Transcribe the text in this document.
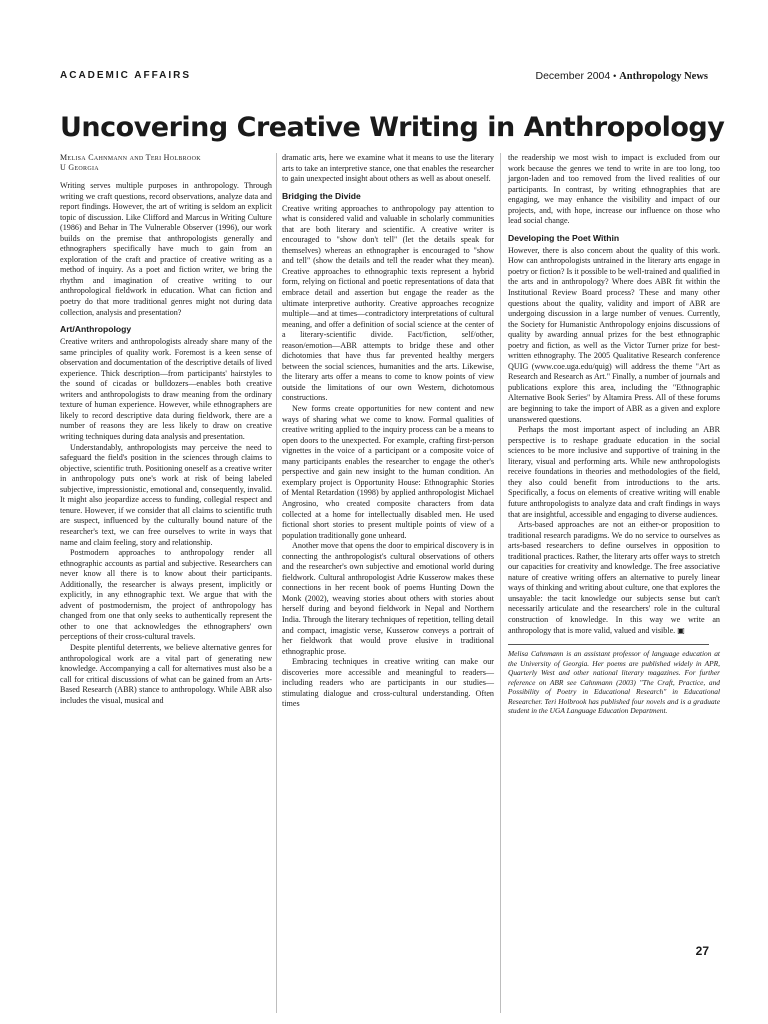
ACADEMIC AFFAIRS	December 2004 • Anthropology News
Uncovering Creative Writing in Anthropology

Melisa Cahnmann and Teri Holbrook
U Georgia

Writing serves multiple purposes in anthropology. Through writing we craft questions, record observations, analyze data and report findings. However, the art of writing is seldom an explicit topic of discussion. Like Clifford and Marcus in Writing Culture (1986) and Behar in The Vulnerable Observer (1996), our work builds on the premise that anthropologists generally and ethnographers specifically have much to gain from an exploration of the craft and practice of creative writing as a method of inquiry. As a poet and fiction writer, we bring the rhythm and imagination of creative writing to our anthropological fieldwork in education. What can fiction and poetry do that more traditional genres might not during data collection, analysis and presentation?

Art/Anthropology

Creative writers and anthropologists already share many of the same principles of quality work. Foremost is a keen sense of observation and documentation of the descriptive details of lived experience. Thick description—from participants' hairstyles to the sound of cicadas or bulldozers—enables both creative writers and anthropologists to draw meaning from the ordinary texture of human experience. However, while ethnographers are likely to record descriptive data during fieldwork, there are a number of reasons they are less likely to draw on creative writing techniques during data analysis and presentation.

Understandably, anthropologists may perceive the need to safeguard the field's position in the sciences through claims to objective, scientific truth. Positioning oneself as a creative writer in anthropology puts one's work at risk of being labeled subjective, impressionistic, emotional and, consequently, invalid. It might also jeopardize access to funding, collegial respect and tenure. However, if we consider that all claims to scientific truth are suspect, influenced by the culturally bound nature of the researcher's text, we can free ourselves to write in ways that name and claim feeling, story and relationship.

Postmodern approaches to anthropology render all ethnographic accounts as partial and subjective. Researchers can never know all there is to know about their participants. Additionally, the researcher is always present, implicitly or explicitly, in any ethnographic text. We argue that with the advent of postmodernism, the project of anthropology has changed from one that only seeks to authentically represent the other to one that acknowledges the ethnographers' own perceptions of their cross-cultural travels.

Despite plentiful deterrents, we believe alternative genres for anthropological work are a vital part of generating new knowledge. Accompanying a call for alternatives must also be a call for critical discussions of what can be gained from an Arts-Based Research (ABR) stance to anthropology. While ABR also includes the visual, musical and

dramatic arts, here we examine what it means to use the literary arts to take an interpretive stance, one that enables the researcher to gain unexpected insight about others as well as about oneself.

Bridging the Divide

Creative writing approaches to anthropology pay attention to what is considered valid and valuable in scholarly communities that are both literary and scientific. A creative writer is encouraged to "show don't tell" (let the details speak for themselves) whereas an ethnographer is encouraged to "show and tell" (show the details and tell the reader what they mean). Creative approaches to ethnographic texts represent a hybrid form, relying on fictional and poetic representations of data that embrace detail and assertion but engage the reader as the ultimate interpretive authority. Creative approaches recognize multiple—and at times—contradictory interpretations of cultural meaning, and offer a definition of social science at the center of a literary-scientific divide. Fact/fiction, self/other, reason/emotion—ABR attempts to bridge these and other dichotomies that have thus far prevented healthy mergers between the social sciences, humanities and the arts. Likewise, the literary arts offer a means to come to know points of view outside the limitations of our own Western, dichotomous constructions.

New forms create opportunities for new content and new ways of sharing what we come to know. Formal qualities of creative writing applied to the inquiry process can be a means to open doors to the unexpected. For example, crafting first-person vignettes in the voice of a participant or a composite voice of many participants enables the researcher to engage the other's perspective and gain new insight to the human condition. An exemplary project is Opportunity House: Ethnographic Stories of Mental Retardation (1998) by applied anthropologist Michael Angrosino, who created composite characters from data collected at a home for intellectually disabled men. He used fictional short stories to present multiple points of view of a population traditionally gone unheard.

Another move that opens the door to empirical discovery is in connecting the anthropologist's cultural observations of others and the researcher's own subjective and emotional world during fieldwork. Cultural anthropologist Adrie Kusserow makes these connections in her recent book of poems Hunting Down the Monk (2002), weaving stories about others with stories about herself during and beyond fieldwork in Nepal and Northern India. Through the literary techniques of repetition, telling detail and compact, imagistic verse, Kusserow conveys a portrait of her fieldwork that would prove elusive in traditional ethnographic prose.

Embracing techniques in creative writing can make our discoveries more accessible and meaningful to readers—including readers who are participants in our studies—stimulating dialogue and cross-cultural understanding. Often times

the readership we most wish to impact is excluded from our work because the genres we tend to write in are too long, too jargon-laden and too removed from the lived realities of our participants. In contrast, by writing ethnographies that are engaging, we may enhance the visibility and impact of our projects, and, with hope, increase our influence on those who lead social change.

Developing the Poet Within

However, there is also concern about the quality of this work. How can anthropologists untrained in the literary arts engage in poetry or fiction? Is it possible to be well-trained and qualified in the arts and in anthropology? Where does ABR fit within the Institutional Review Board process? These and many other questions about the quality, validity and import of ABR are undergoing discussion in a large number of venues. Currently, the Society for Humanistic Anthropology enjoins discussions of quality by awarding annual prizes for the best ethnographic poetry and fiction, as well as the Victor Turner prize for best-written ethnography. The 2005 Qualitative Research conference QUIG (www.coe.uga.edu/quig) will address the theme "Art as Research and Research as Art." Finally, a number of journals and publications explore this area, including the "Ethnographic Alternative Book Series" by Altamira Press. All of these forums are beginning to take the import of ABR as a given and explore unanswered questions.

Perhaps the most important aspect of including an ABR perspective is to reshape graduate education in the social sciences to be more inclusive and supportive of training in the literary, visual and performing arts. While new anthropologists receive foundations in theories and methodologies of the field, they also could benefit from introductions to the arts. Specifically, a focus on elements of creative writing will enable future anthropologists to analyze data and craft findings in ways that are insightful, accessible and engaging to diverse audiences.

Arts-based approaches are not an either-or proposition to traditional research paradigms. We do no service to ourselves as arts-based researchers to define ourselves in opposition to traditional practices. Rather, the literary arts offer ways to stretch our capacities for creativity and knowledge. The free associative nature of creative writing offers an alternative to purely linear ways of thinking and writing about culture, one that explores the unsayable: the tacit knowledge our subjects sense but can't necessarily articulate and the researchers' role in the cultural construction of knowledge. In this way we write an anthropology that is more valid, valued and visible. ▣

Melisa Cahnmann is an assistant professor of language education at the University of Georgia. Her poems are published widely in APR, Quarterly West and other national literary magazines. For further reference on ABR see Cahnmann (2003) "The Craft, Practice, and Possibility of Poetry in Educational Research" in Educational Researcher. Teri Holbrook has published four novels and is a graduate student in the UGA Language Education Department.

27
